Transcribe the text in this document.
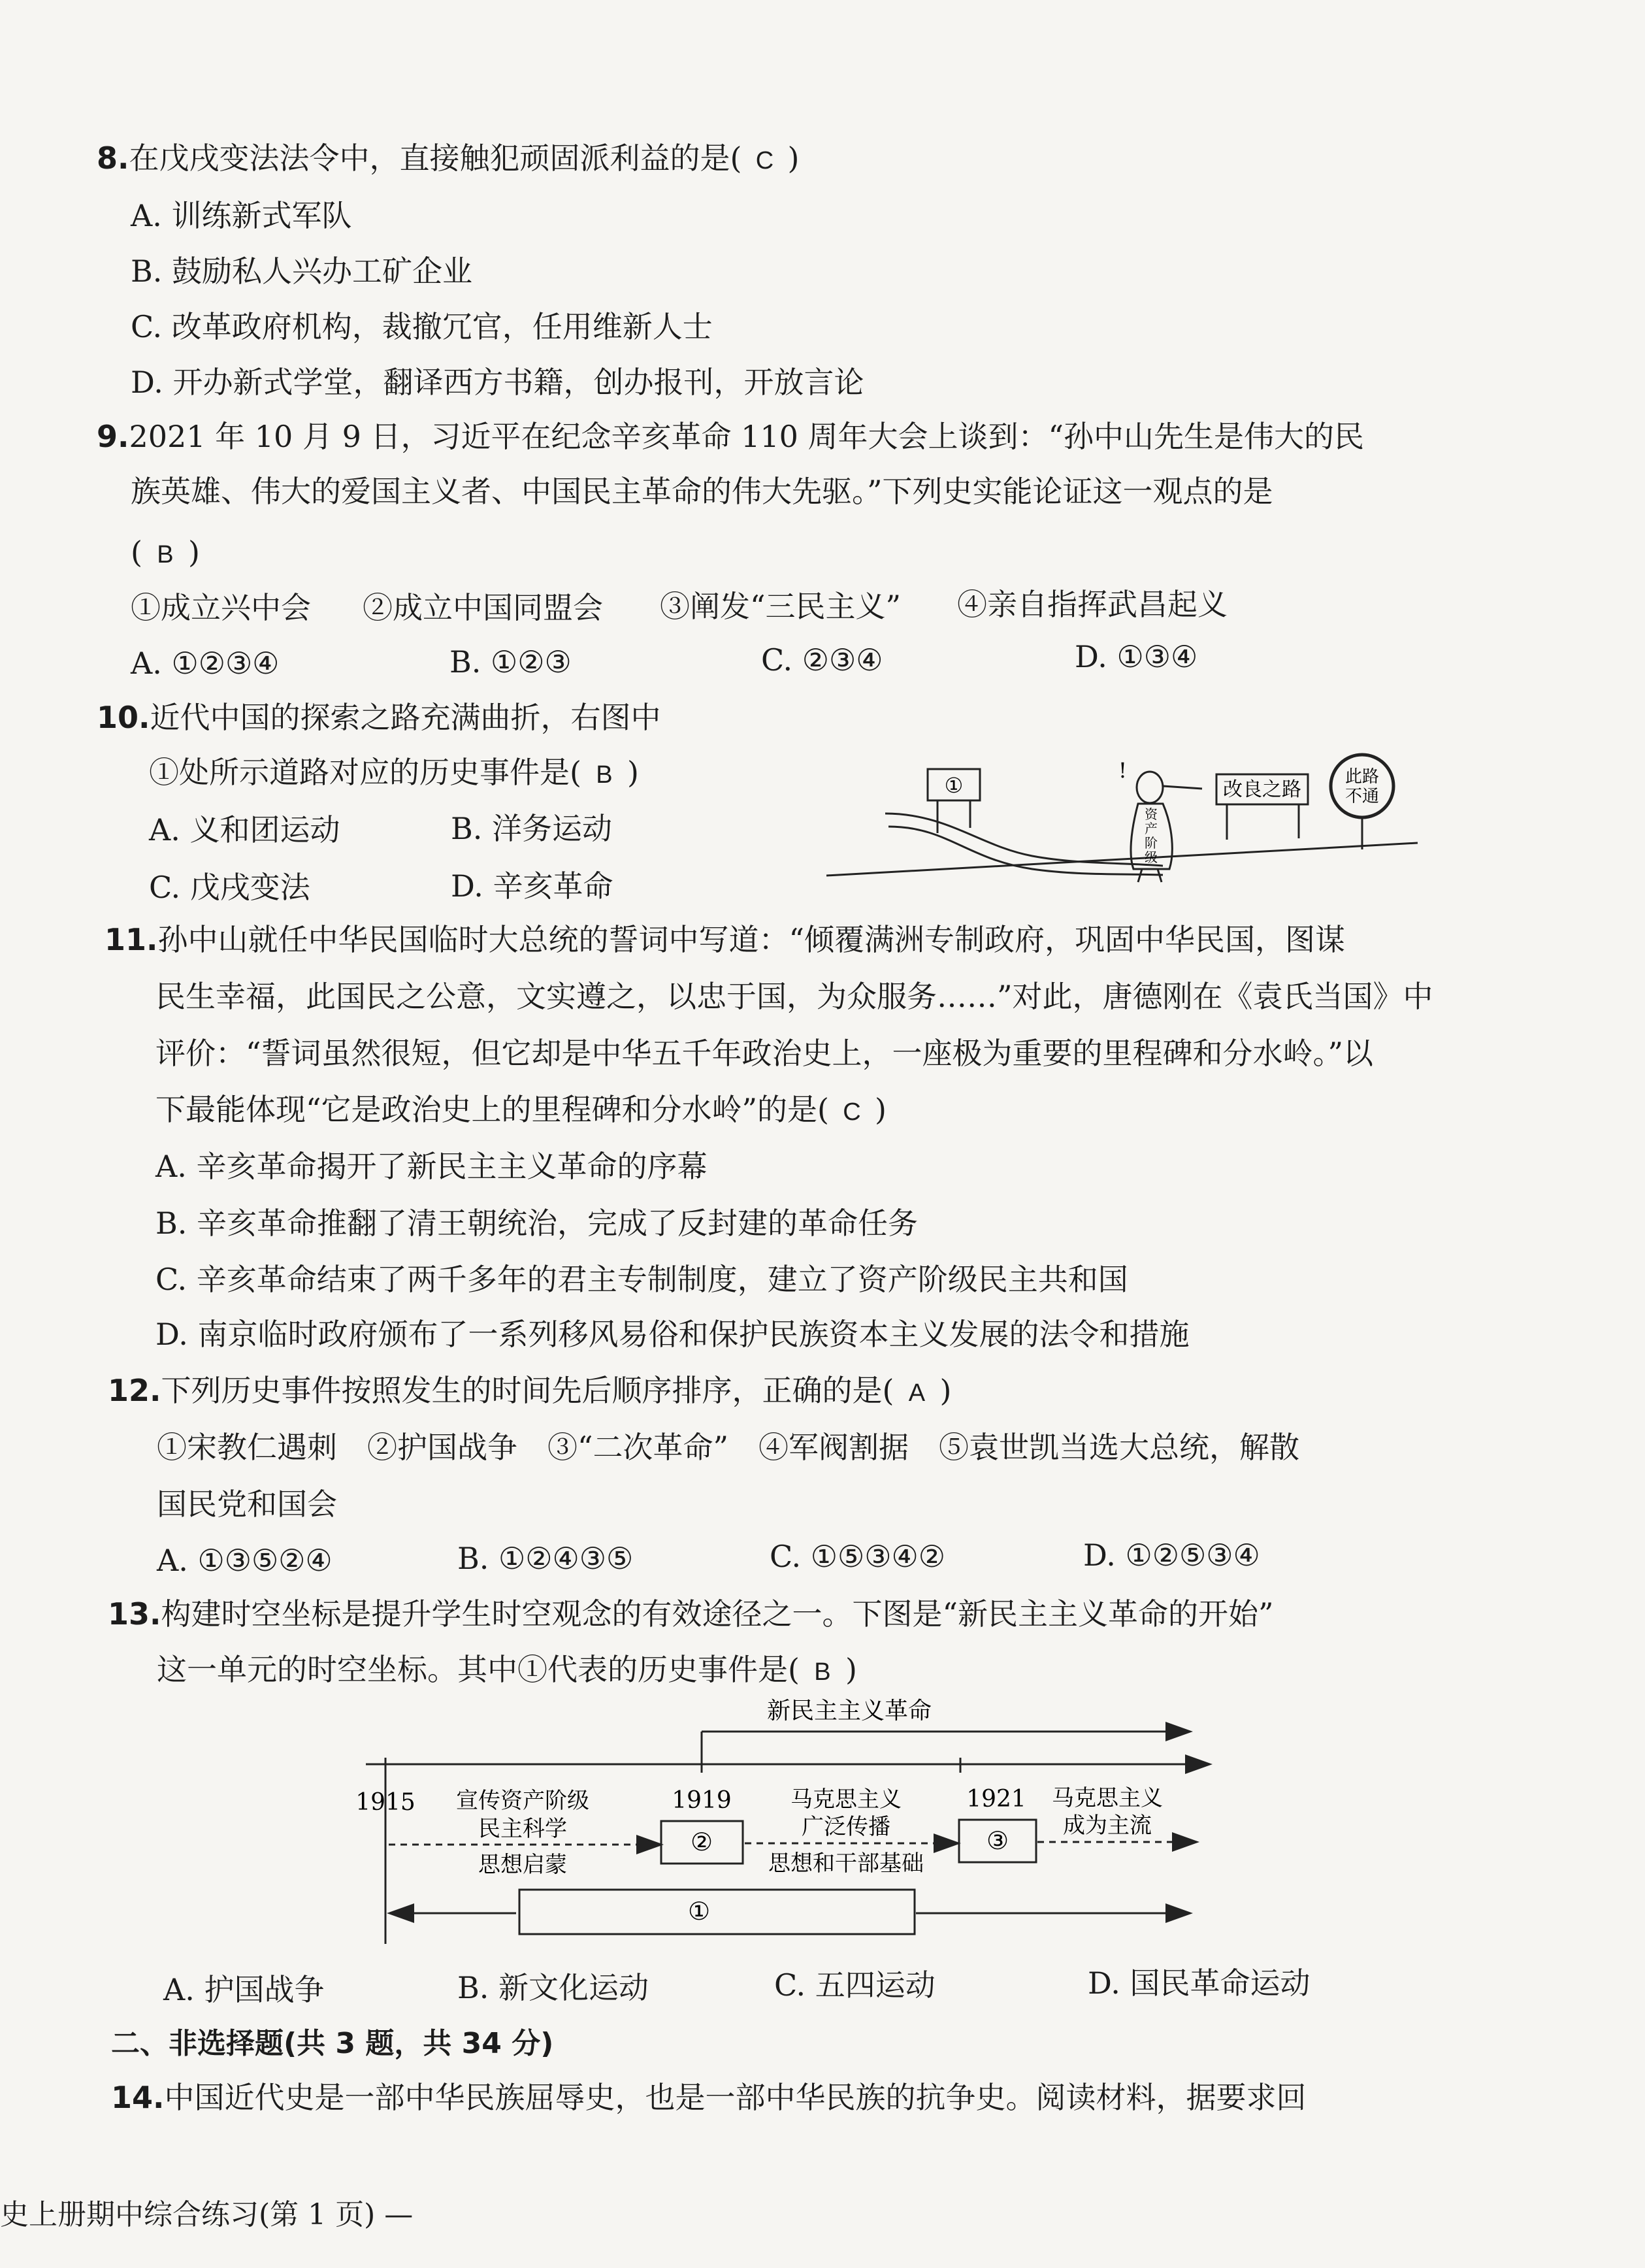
8.在戊戌变法法令中，直接触犯顽固派利益的是( C )
A. 训练新式军队
B. 鼓励私人兴办工矿企业
C. 改革政府机构，裁撤冗官，任用维新人士
D. 开办新式学堂，翻译西方书籍，创办报刊，开放言论
9.2021 年 10 月 9 日，习近平在纪念辛亥革命 110 周年大会上谈到：“孙中山先生是伟大的民
族英雄、伟大的爱国主义者、中国民主革命的伟大先驱。”下列史实能论证这一观点的是
( B )
①成立兴中会 ②成立中国同盟会 ③阐发“三民主义” ④亲自指挥武昌起义
A. ①②③④	B. ①②③	C. ②③④	D. ①③④
10.近代中国的探索之路充满曲折，右图中
①处所示道路对应的历史事件是( B )
A. 义和团运动	B. 洋务运动
C. 戊戌变法	D. 辛亥革命
①	改良之路
!
资
产
阶
级
此路
不通
11.孙中山就任中华民国临时大总统的誓词中写道：“倾覆满洲专制政府，巩固中华民国，图谋
民生幸福，此国民之公意，文实遵之，以忠于国，为众服务……”对此，唐德刚在《袁氏当国》中
评价：“誓词虽然很短，但它却是中华五千年政治史上，一座极为重要的里程碑和分水岭。”以
下最能体现“它是政治史上的里程碑和分水岭”的是( C )
A. 辛亥革命揭开了新民主主义革命的序幕
B. 辛亥革命推翻了清王朝统治，完成了反封建的革命任务
C. 辛亥革命结束了两千多年的君主专制制度，建立了资产阶级民主共和国
D. 南京临时政府颁布了一系列移风易俗和保护民族资本主义发展的法令和措施
12.下列历史事件按照发生的时间先后顺序排序，正确的是( A )
①宋教仁遇刺　②护国战争　③“二次革命”　④军阀割据　⑤袁世凯当选大总统，解散
国民党和国会
A. ①③⑤②④	B. ①②④③⑤	C. ①⑤③④②	D. ①②⑤③④
13.构建时空坐标是提升学生时空观念的有效途径之一。下图是“新民主主义革命的开始”
这一单元的时空坐标。其中①代表的历史事件是( B )
新民主主义革命
1915	1919	1921
宣传资产阶级
民主科学
思想启蒙
②
马克思主义
广泛传播
思想和干部基础
③
马克思主义
成为主流
①
A. 护国战争	B. 新文化运动	C. 五四运动	D. 国民革命运动
二、非选择题(共 3 题，共 34 分)
14.中国近代史是一部中华民族屈辱史，也是一部中华民族的抗争史。阅读材料，据要求回
史上册期中综合练习(第 1 页) —
